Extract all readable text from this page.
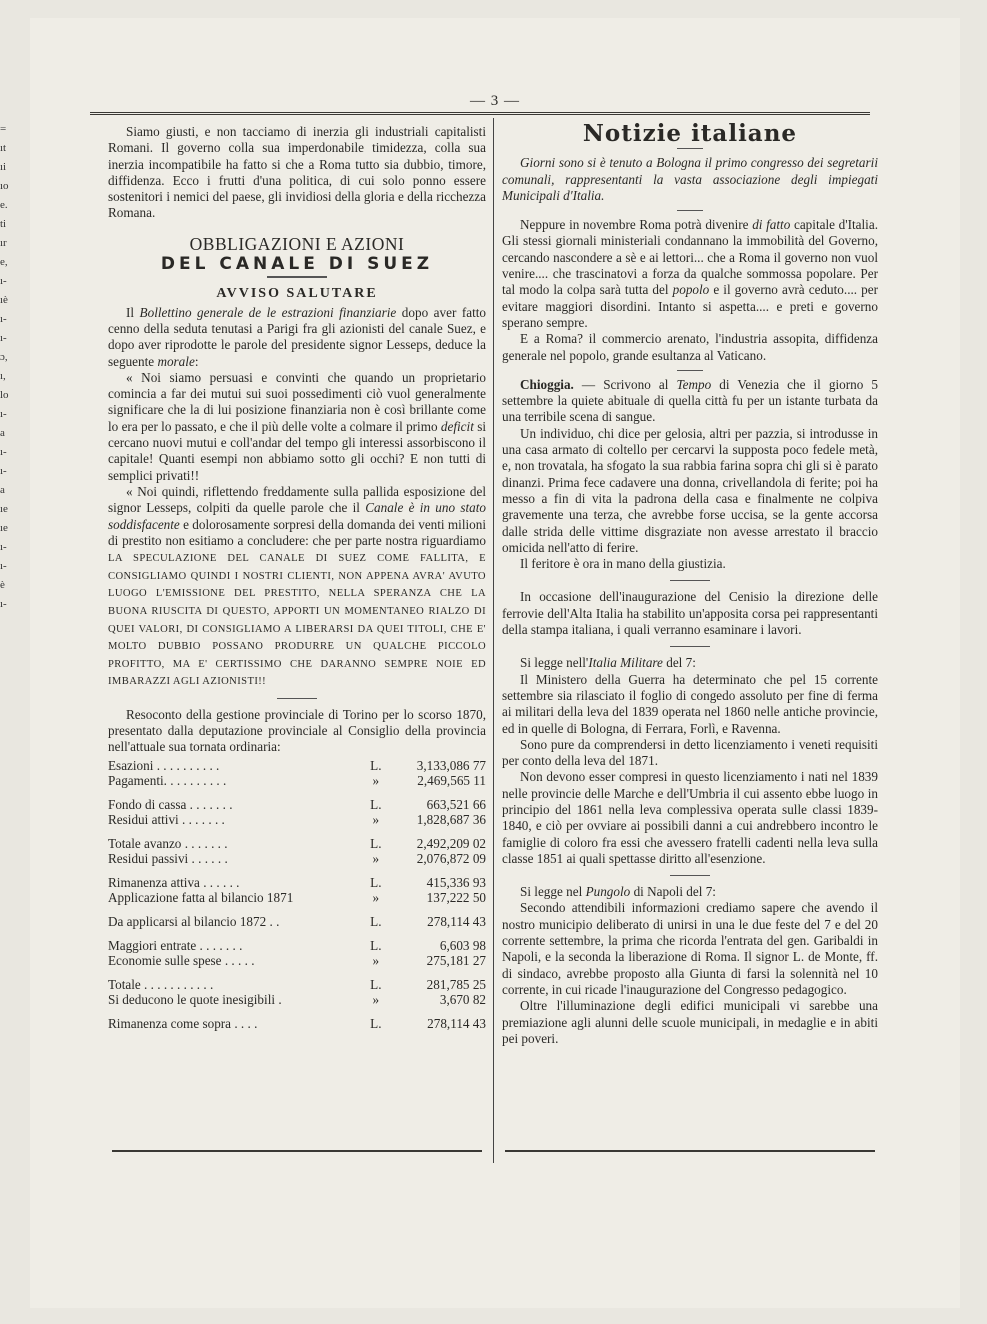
=
ıt
ıi
ıo
e.
ti
ır
e,
ı-
ıè
ı-
ı-
ɔ,
ı,
lo
ı-
a
ı-
ı-
a
ıe
ıe
ı-
ı-
è
ı-
— 3 —

Siamo giusti, e non tacciamo di inerzia gli industriali capitalisti Romani. Il governo colla sua imperdonabile timidezza, colla sua inerzia incompatibile ha fatto si che a Roma tutto sia dubbio, timore, diffidenza. Ecco i frutti d'una politica, di cui solo ponno essere sostenitori i nemici del paese, gli invidiosi della gloria e della ricchezza Romana.

OBBLIGAZIONI E AZIONI
DEL CANALE DI SUEZ
AVVISO SALUTARE

Il Bollettino generale de le estrazioni finanziarie dopo aver fatto cenno della seduta tenutasi a Parigi fra gli azionisti del canale Suez, e dopo aver riprodotte le parole del presidente signor Lesseps, deduce la seguente morale:

« Noi siamo persuasi e convinti che quando un proprietario comincia a far dei mutui sui suoi possedimenti ciò vuol generalmente significare che la di lui posizione finanziaria non è così brillante come lo era per lo passato, e che il più delle volte a colmare il primo deficit si cercano nuovi mutui e coll'andar del tempo gli interessi assorbiscono il capitale! Quanti esempi non abbiamo sotto gli occhi? E non tutti di semplici privati!!

« Noi quindi, riflettendo freddamente sulla pallida esposizione del signor Lesseps, colpiti da quelle parole che il Canale è in uno stato soddisfacente e dolorosamente sorpresi della domanda dei venti milioni di prestito non esitiamo a concludere: che per parte nostra riguardiamo LA SPECULAZIONE DEL CANALE DI SUEZ COME FALLITA, E CONSIGLIAMO QUINDI I NOSTRI CLIENTI, NON APPENA AVRA' AVUTO LUOGO L'EMISSIONE DEL PRESTITO, NELLA SPERANZA CHE LA BUONA RIUSCITA DI QUESTO, APPORTI UN MOMENTANEO RIALZO DI QUEI VALORI, DI CONSIGLIAMO A LIBERARSI DA QUEI TITOLI, CHE E' MOLTO DUBBIO POSSANO PRODURRE UN QUALCHE PICCOLO PROFITTO, MA E' CERTISSIMO CHE DARANNO SEMPRE NOIE ED IMBARAZZI AGLI AZIONISTI!!

Resoconto della gestione provinciale di Torino per lo scorso 1870, presentato dalla deputazione provinciale al Consiglio della provincia nell'attuale sua tornata ordinaria:

Esazioni . . . . . . . . . .	L.	3,133,086 77
Pagamenti. . . . . . . . . .	»	2,469,565 11

Fondo di cassa . . . . . . .	L.	663,521 66
Residui attivi . . . . . . .	»	1,828,687 36

Totale avanzo . . . . . . .	L.	2,492,209 02
Residui passivi . . . . . .	»	2,076,872 09

Rimanenza attiva . . . . . .	L.	415,336 93
Applicazione fatta al bilancio 1871	»	137,222 50

Da applicarsi al bilancio 1872 . .	L.	278,114 43

Maggiori entrate . . . . . . .	L.	6,603 98
Economie sulle spese . . . . .	»	275,181 27

Totale . . . . . . . . . . .	L.	281,785 25
Si deducono le quote inesigibili .	»	3,670 82

Rimanenza come sopra . . . .	L.	278,114 43
Notizie italiane

Giorni sono si è tenuto a Bologna il primo congresso dei segretarii comunali, rappresentanti la vasta associazione degli impiegati Municipali d'Italia.

Neppure in novembre Roma potrà divenire di fatto capitale d'Italia. Gli stessi giornali ministeriali condannano la immobilità del Governo, cercando nascondere a sè e ai lettori... che a Roma il governo non vuol venire.... che trascinatovi a forza da qualche sommossa popolare. Per tal modo la colpa sarà tutta del popolo e il governo avrà ceduto.... per evitare maggiori disordini. Intanto si aspetta.... e preti e governo sperano sempre.

E a Roma? il commercio arenato, l'industria assopita, diffidenza generale nel popolo, grande esultanza al Vaticano.

Chioggia. — Scrivono al Tempo di Venezia che il giorno 5 settembre la quiete abituale di quella città fu per un istante turbata da una terribile scena di sangue.

Un individuo, chi dice per gelosia, altri per pazzia, si introdusse in una casa armato di coltello per cercarvi la supposta poco fedele metà, e, non trovatala, ha sfogato la sua rabbia farina sopra chi gli si è parato dinanzi. Prima fece cadavere una donna, crivellandola di ferite; poi ha messo a fin di vita la padrona della casa e finalmente ne colpiva gravemente una terza, che avrebbe forse uccisa, se la gente accorsa dalle strida delle vittime disgraziate non avesse arrestato il braccio omicida nell'atto di ferire.

Il feritore è ora in mano della giustizia.

In occasione dell'inaugurazione del Cenisio la direzione delle ferrovie dell'Alta Italia ha stabilito un'apposita corsa pei rappresentanti della stampa italiana, i quali verranno esaminare i lavori.

Si legge nell'Italia Militare del 7:

Il Ministero della Guerra ha determinato che pel 15 corrente settembre sia rilasciato il foglio di congedo assoluto per fine di ferma ai militari della leva del 1839 operata nel 1860 nelle antiche provincie, ed in quelle di Bologna, di Ferrara, Forlì, e Ravenna.

Sono pure da comprendersi in detto licenziamento i veneti requisiti per conto della leva del 1871.

Non devono esser compresi in questo licenziamento i nati nel 1839 nelle provincie delle Marche e dell'Umbria il cui assento ebbe luogo in principio del 1861 nella leva complessiva operata sulle classi 1839-1840, e ciò per ovviare ai possibili danni a cui andrebbero incontro le famiglie di coloro fra essi che avessero fratelli cadenti nella leva sulla classe 1851 ai quali spettasse diritto all'esenzione.

Si legge nel Pungolo di Napoli del 7:

Secondo attendibili informazioni crediamo sapere che avendo il nostro municipio deliberato di unirsi in una le due feste del 7 e del 20 corrente settembre, la prima che ricorda l'entrata del gen. Garibaldi in Napoli, e la seconda la liberazione di Roma. Il signor L. de Monte, ff. di sindaco, avrebbe proposto alla Giunta di farsi la solennità nel 10 corrente, in cui ricade l'inaugurazione del Congresso pedagogico.

Oltre l'illuminazione degli edifici municipali vi sarebbe una premiazione agli alunni delle scuole municipali, in medaglie e in abiti pei poveri.
